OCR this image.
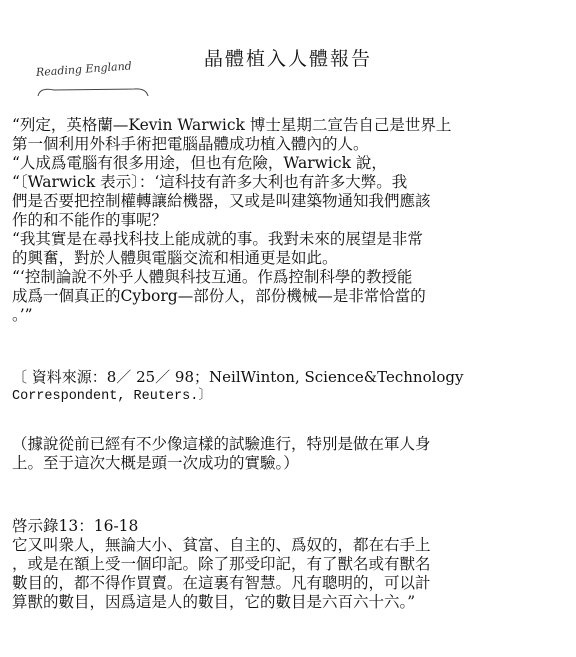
晶體植入人體報告
Reading England

“列定，英格蘭—Kevin Warwick 博士星期二宣告自己是世界上

第一個利用外科手術把電腦晶體成功植入體內的人。

“人成爲電腦有很多用途，但也有危險，Warwick 說，

“〔Warwick 表示〕：‘這科技有許多大利也有許多大弊。我

們是否要把控制權轉讓給機器，又或是叫建築物通知我們應該

作的和不能作的事呢？

“我其實是在尋找科技上能成就的事。我對未來的展望是非常

的興奮，對於人體與電腦交流和相通更是如此。

“‘控制論說不外乎人體與科技互通。作爲控制科學的教授能

成爲一個真正的Cyborg—部份人，部份機械—是非常恰當的

。’”

〔 資料來源：8／ 25／ 98；NeilWinton, Science&Technology

Correspondent, Reuters.〕

（據說從前已經有不少像這樣的試驗進行，特別是做在軍人身

上。至于這次大概是頭一次成功的實驗。）

啓示錄13：16-18

它又叫衆人，無論大小、貧富、自主的、爲奴的，都在右手上

，或是在額上受一個印記。除了那受印記，有了獸名或有獸名

數目的，都不得作買賣。在這裏有智慧。凡有聰明的，可以計

算獸的數目，因爲這是人的數目，它的數目是六百六十六。”
